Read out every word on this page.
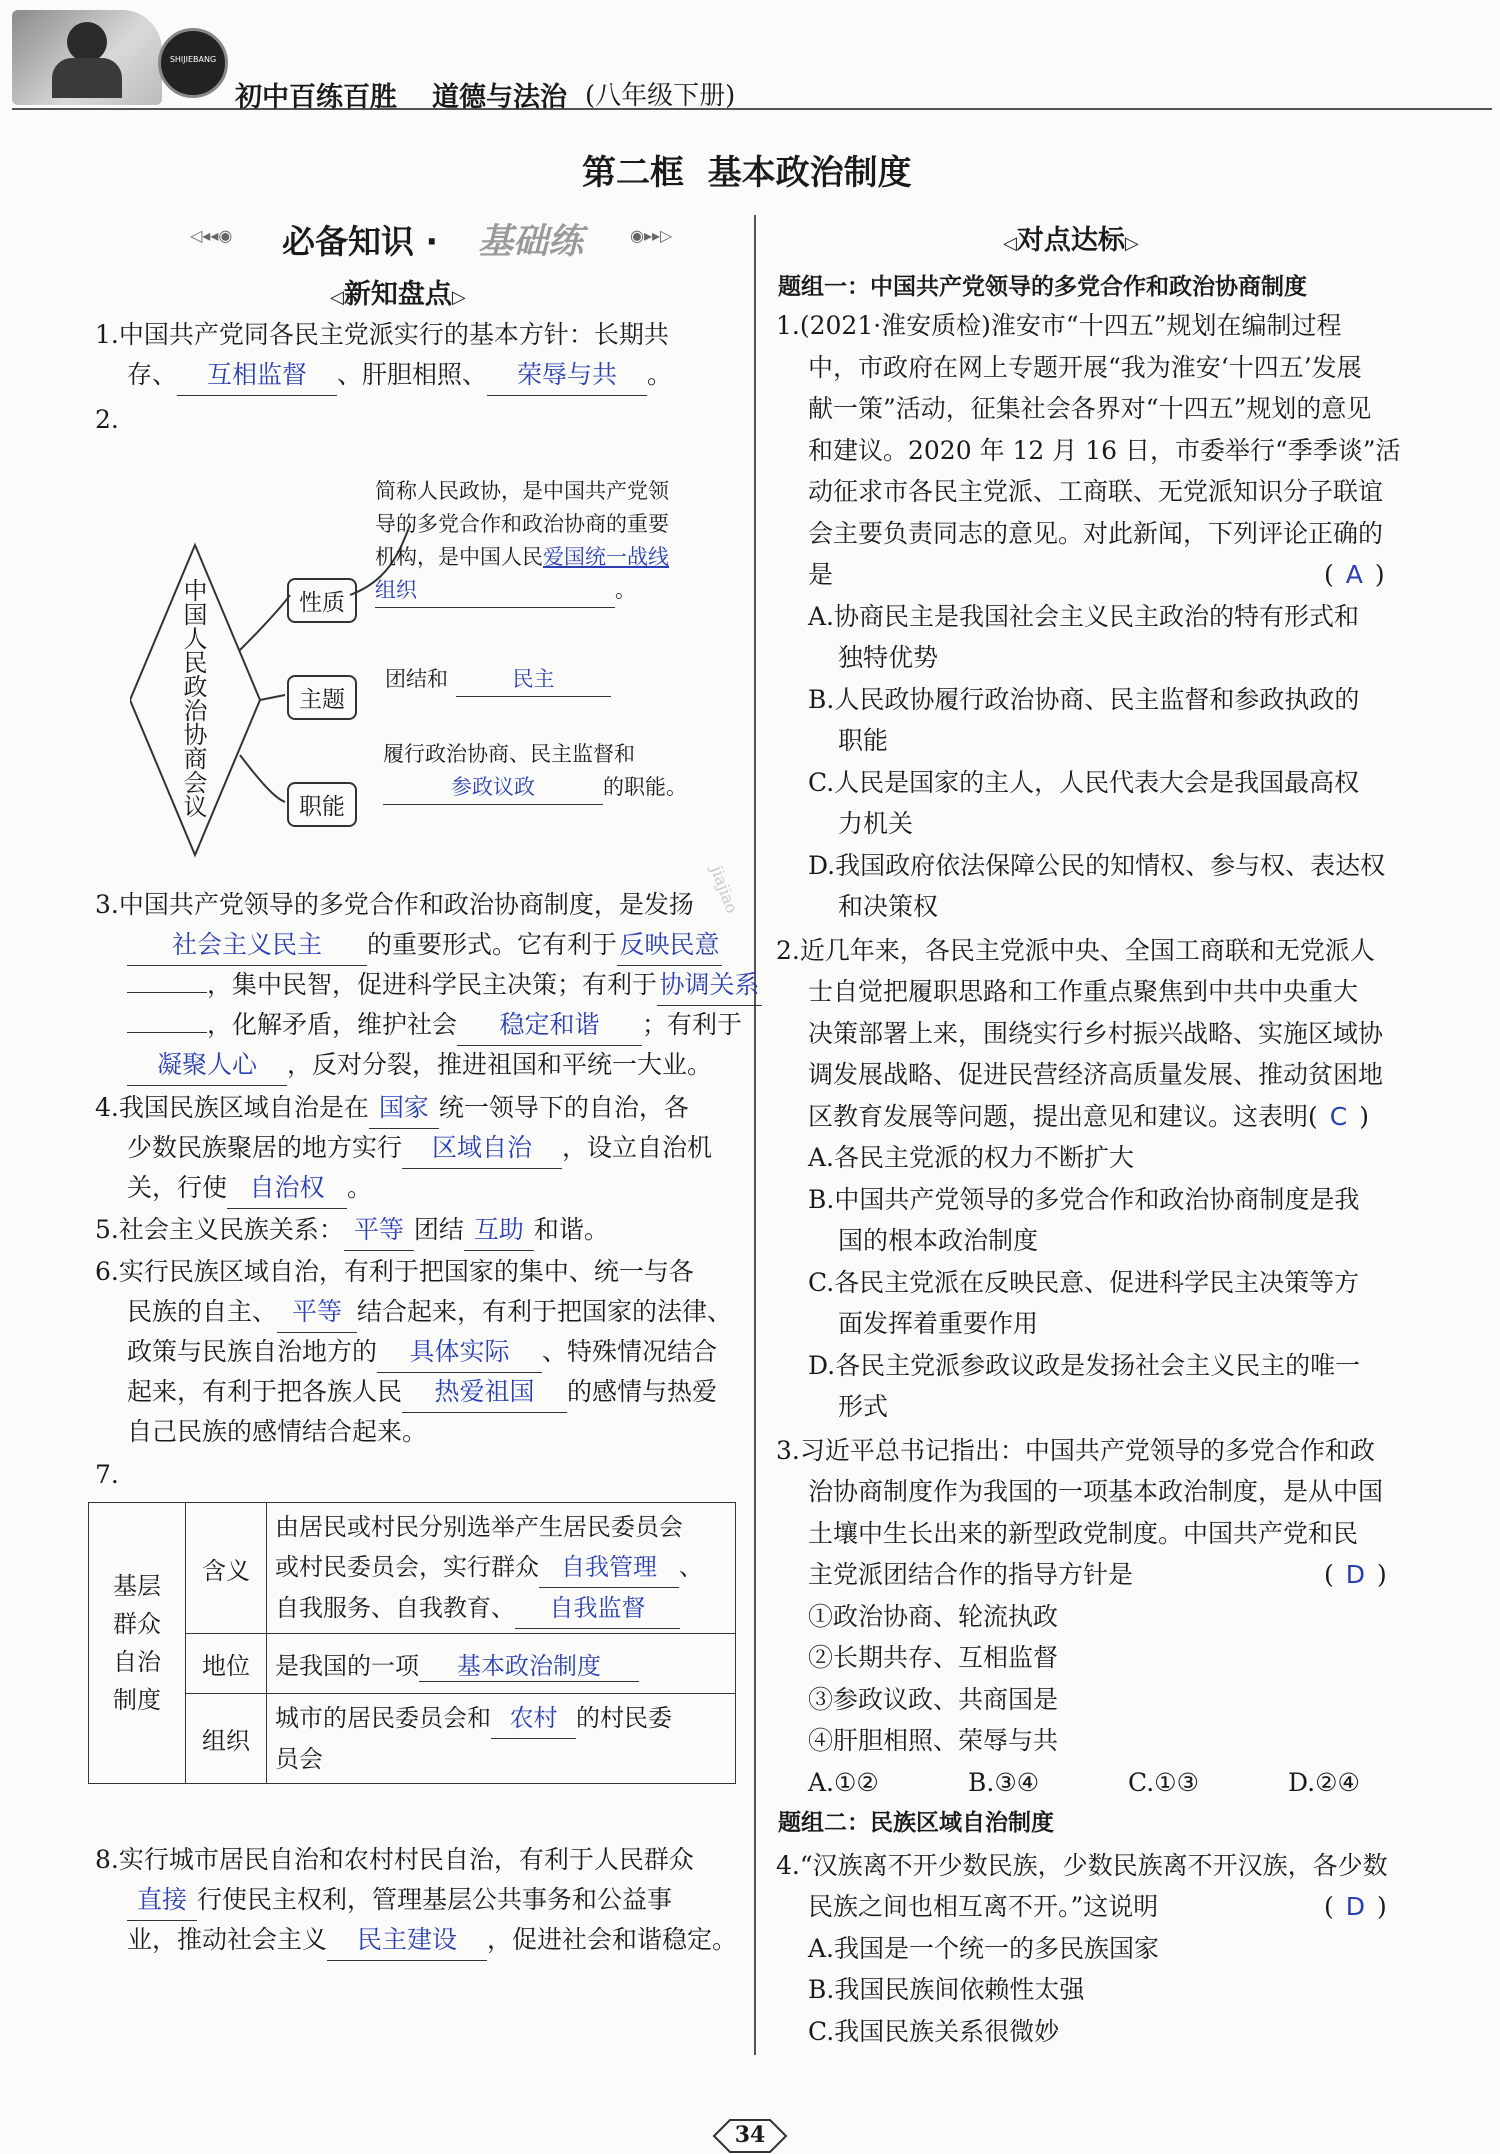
SHIJIEBANG
初中百练百胜 道德与法治 (八年级下册)
第二框  基本政治制度
◁◂◂◉ 必备知识 · 基础练	◉▸▸▷
◁新知盘点▷
1.中国共产党同各民主党派实行的基本方针：长期共
存、 互相监督 、肝胆相照、 荣辱与共 。
2.
中国人民政治协商会议	性质
主题
职能
简称人民政协，是中国共产党领
导的多党合作和政治协商的重要
机构，是中国人民爱国统一战线
组织	。
团结和	民主
履行政治协商、民主监督和
参政议政	的职能。
3.中国共产党领导的多党合作和政治协商制度，是发扬
社会主义民主 的重要形式。它有利于反映民意
，集中民智，促进科学民主决策；有利于协调关系
，化解矛盾，维护社会 稳定和谐 ；有利于
凝聚人心 ，反对分裂，推进祖国和平统一大业。
4.我国民族区域自治是在 国家 统一领导下的自治，各
少数民族聚居的地方实行 区域自治 ，设立自治机
关，行使 自治权 。
5.社会主义民族关系： 平等 团结 互助 和谐。
6.实行民族区域自治，有利于把国家的集中、统一与各
民族的自主、 平等 结合起来，有利于把国家的法律、
政策与民族自治地方的 具体实际 、特殊情况结合
起来，有利于把各族人民 热爱祖国 的感情与热爱
自己民族的感情结合起来。
7.
基层群众自治制度	含义	由居民或村民分别选举产生居民委员会
或村民委员会，实行群众 自我管理 、
自我服务、自我教育、 自我监督

	地位	是我国的一项 基本政治制度
	组织	城市的居民委员会和 农村 的村民委
员会
8.实行城市居民自治和农村村民自治，有利于人民群众
直接 行使民主权利，管理基层公共事务和公益事
业，推动社会主义 民主建设 ，促进社会和谐稳定。
◁对点达标▷
题组一：中国共产党领导的多党合作和政治协商制度
1.(2021·淮安质检)淮安市“十四五”规划在编制过程
中，市政府在网上专题开展“我为淮安‘十四五’发展
献一策”活动，征集社会各界对“十四五”规划的意见
和建议。2020 年 12 月 16 日，市委举行“季季谈”活
动征求市各民主党派、工商联、无党派知识分子联谊
会主要负责同志的意见。对此新闻，下列评论正确的
是	( A )
A.协商民主是我国社会主义民主政治的特有形式和
独特优势
B.人民政协履行政治协商、民主监督和参政执政的
职能
C.人民是国家的主人，人民代表大会是我国最高权
力机关
D.我国政府依法保障公民的知情权、参与权、表达权
和决策权
2.近几年来，各民主党派中央、全国工商联和无党派人
士自觉把履职思路和工作重点聚焦到中共中央重大
决策部署上来，围绕实行乡村振兴战略、实施区域协
调发展战略、促进民营经济高质量发展、推动贫困地
区教育发展等问题，提出意见和建议。这表明( C )
A.各民主党派的权力不断扩大
B.中国共产党领导的多党合作和政治协商制度是我
国的根本政治制度
C.各民主党派在反映民意、促进科学民主决策等方
面发挥着重要作用
D.各民主党派参政议政是发扬社会主义民主的唯一
形式
3.习近平总书记指出：中国共产党领导的多党合作和政
治协商制度作为我国的一项基本政治制度，是从中国
土壤中生长出来的新型政党制度。中国共产党和民
主党派团结合作的指导方针是	( D )
①政治协商、轮流执政
②长期共存、互相监督
③参政议政、共商国是
④肝胆相照、荣辱与共
A.①②	B.③④	C.①③	D.②④
题组二：民族区域自治制度
4.“汉族离不开少数民族，少数民族离不开汉族，各少数
民族之间也相互离不开。”这说明	( D )
A.我国是一个统一的多民族国家
B.我国民族间依赖性太强
C.我国民族关系很微妙
jiajiao
34
